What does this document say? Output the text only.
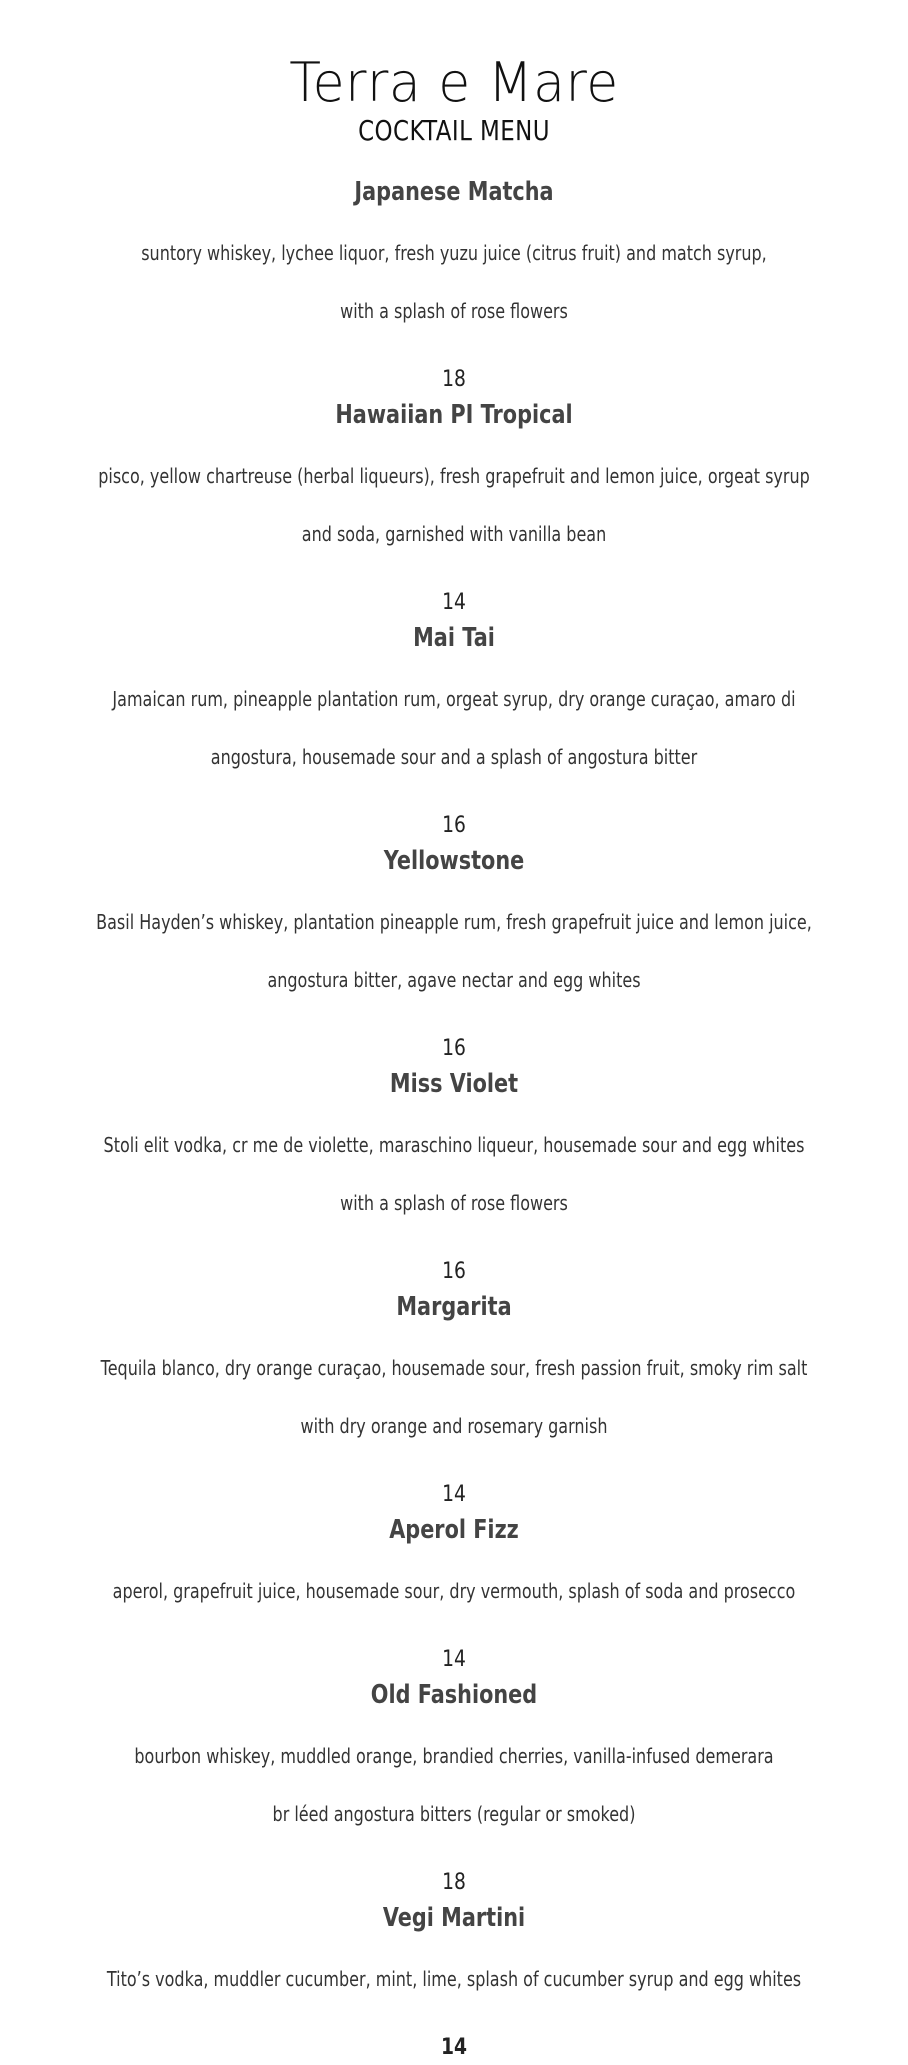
Terra e Mare
COCKTAIL MENU
Japanese Matcha

suntory whiskey, lychee liquor, fresh yuzu juice (citrus fruit) and match syrup,

with a splash of rose flowers

18
Hawaiian PI Tropical

pisco, yellow chartreuse (herbal liqueurs), fresh grapefruit and lemon juice, orgeat syrup

and soda, garnished with vanilla bean

14
Mai Tai

Jamaican rum, pineapple plantation rum, orgeat syrup, dry orange curaçao, amaro di

angostura, housemade sour and a splash of angostura bitter

16
Yellowstone

Basil Hayden’s whiskey, plantation pineapple rum, fresh grapefruit juice and lemon juice,

angostura bitter, agave nectar and egg whites

16
Miss Violet

Stoli elit vodka, cr me de violette, maraschino liqueur, housemade sour and egg whites

with a splash of rose flowers

16
Margarita

Tequila blanco, dry orange curaçao, housemade sour, fresh passion fruit, smoky rim salt

with dry orange and rosemary garnish

14
Aperol Fizz

aperol, grapefruit juice, housemade sour, dry vermouth, splash of soda and prosecco

14
Old Fashioned

bourbon whiskey, muddled orange, brandied cherries, vanilla-infused demerara

br léed angostura bitters (regular or smoked)

18
Vegi Martini

Tito’s vodka, muddler cucumber, mint, lime, splash of cucumber syrup and egg whites

14
